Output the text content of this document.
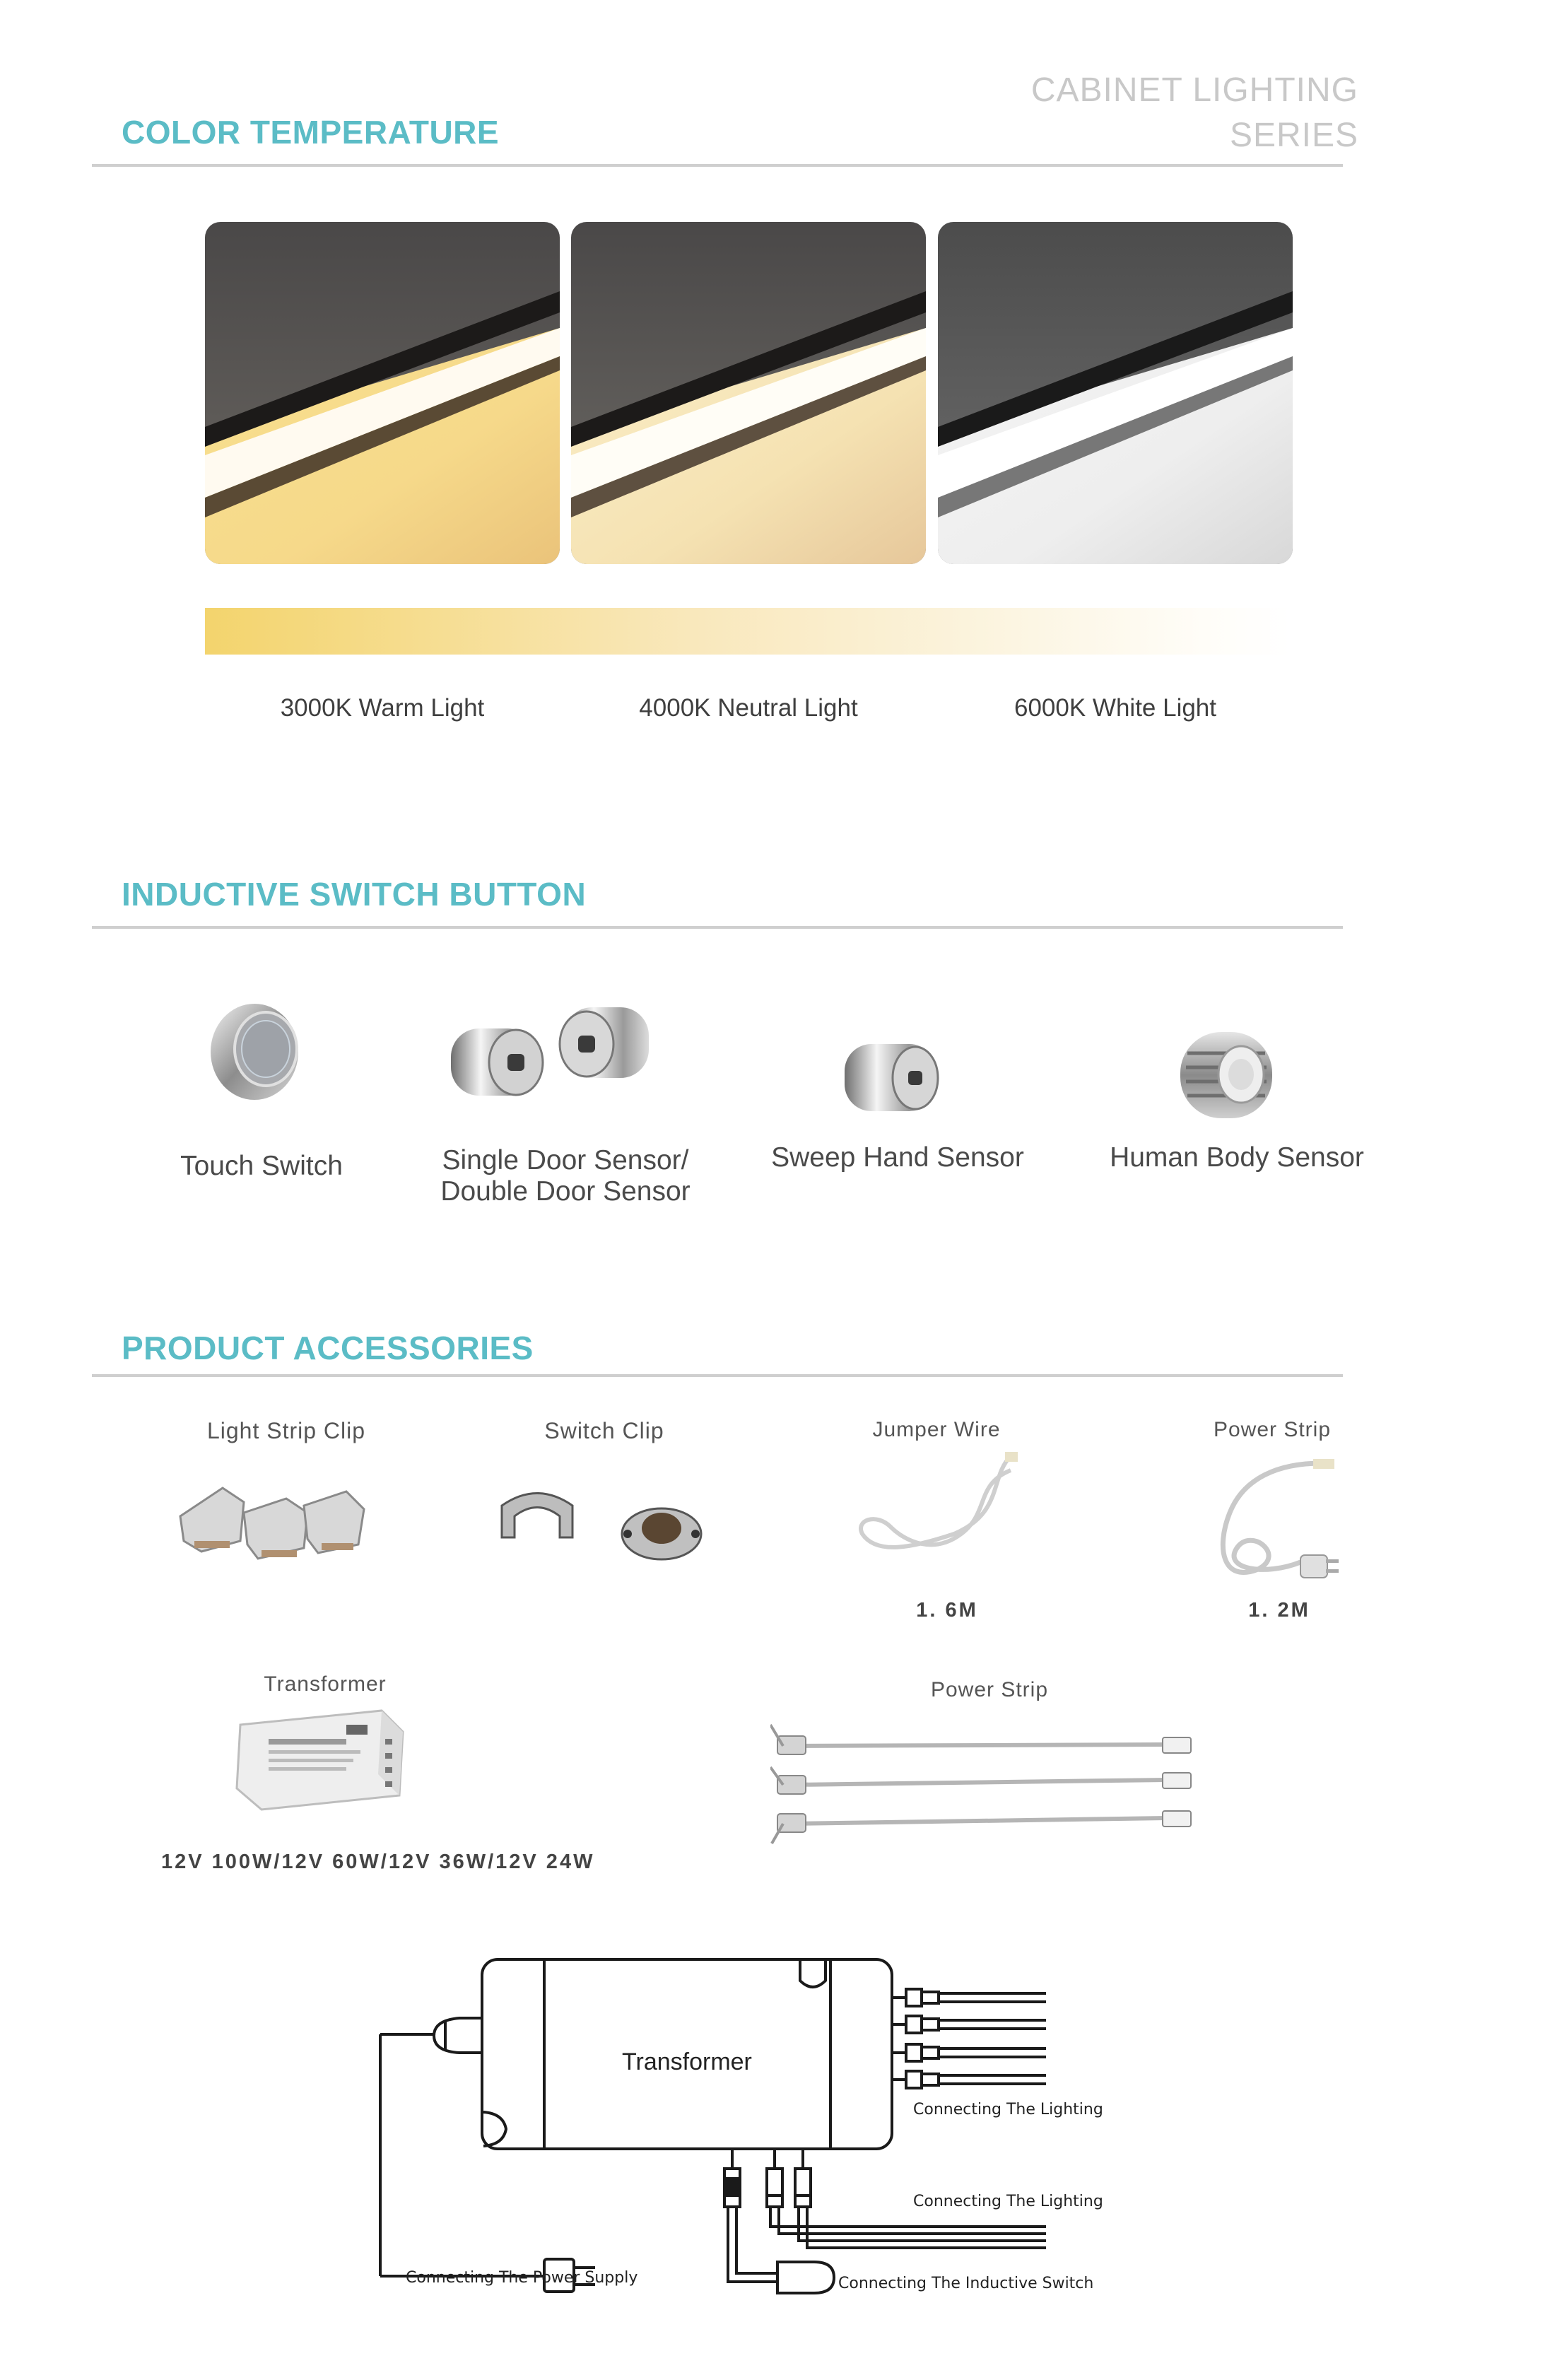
CABINET LIGHTING
SERIES
COLOR TEMPERATURE
3000K Warm Light	4000K Neutral Light	6000K White Light
INDUCTIVE SWITCH BUTTON
Touch Switch	Single Door Sensor/
Double Door Sensor
Sweep Hand Sensor	Human Body Sensor
PRODUCT ACCESSORIES
Light Strip Clip	Switch Clip	Jumper Wire
1. 6M
Power Strip
1. 2M
Transformer
12V 100W/12V 60W/12V 36W/12V 24W
Power Strip
Transformer
Connecting The Lighting
Connecting The Lighting
Connecting The Power Supply	Connecting The Inductive Switch
